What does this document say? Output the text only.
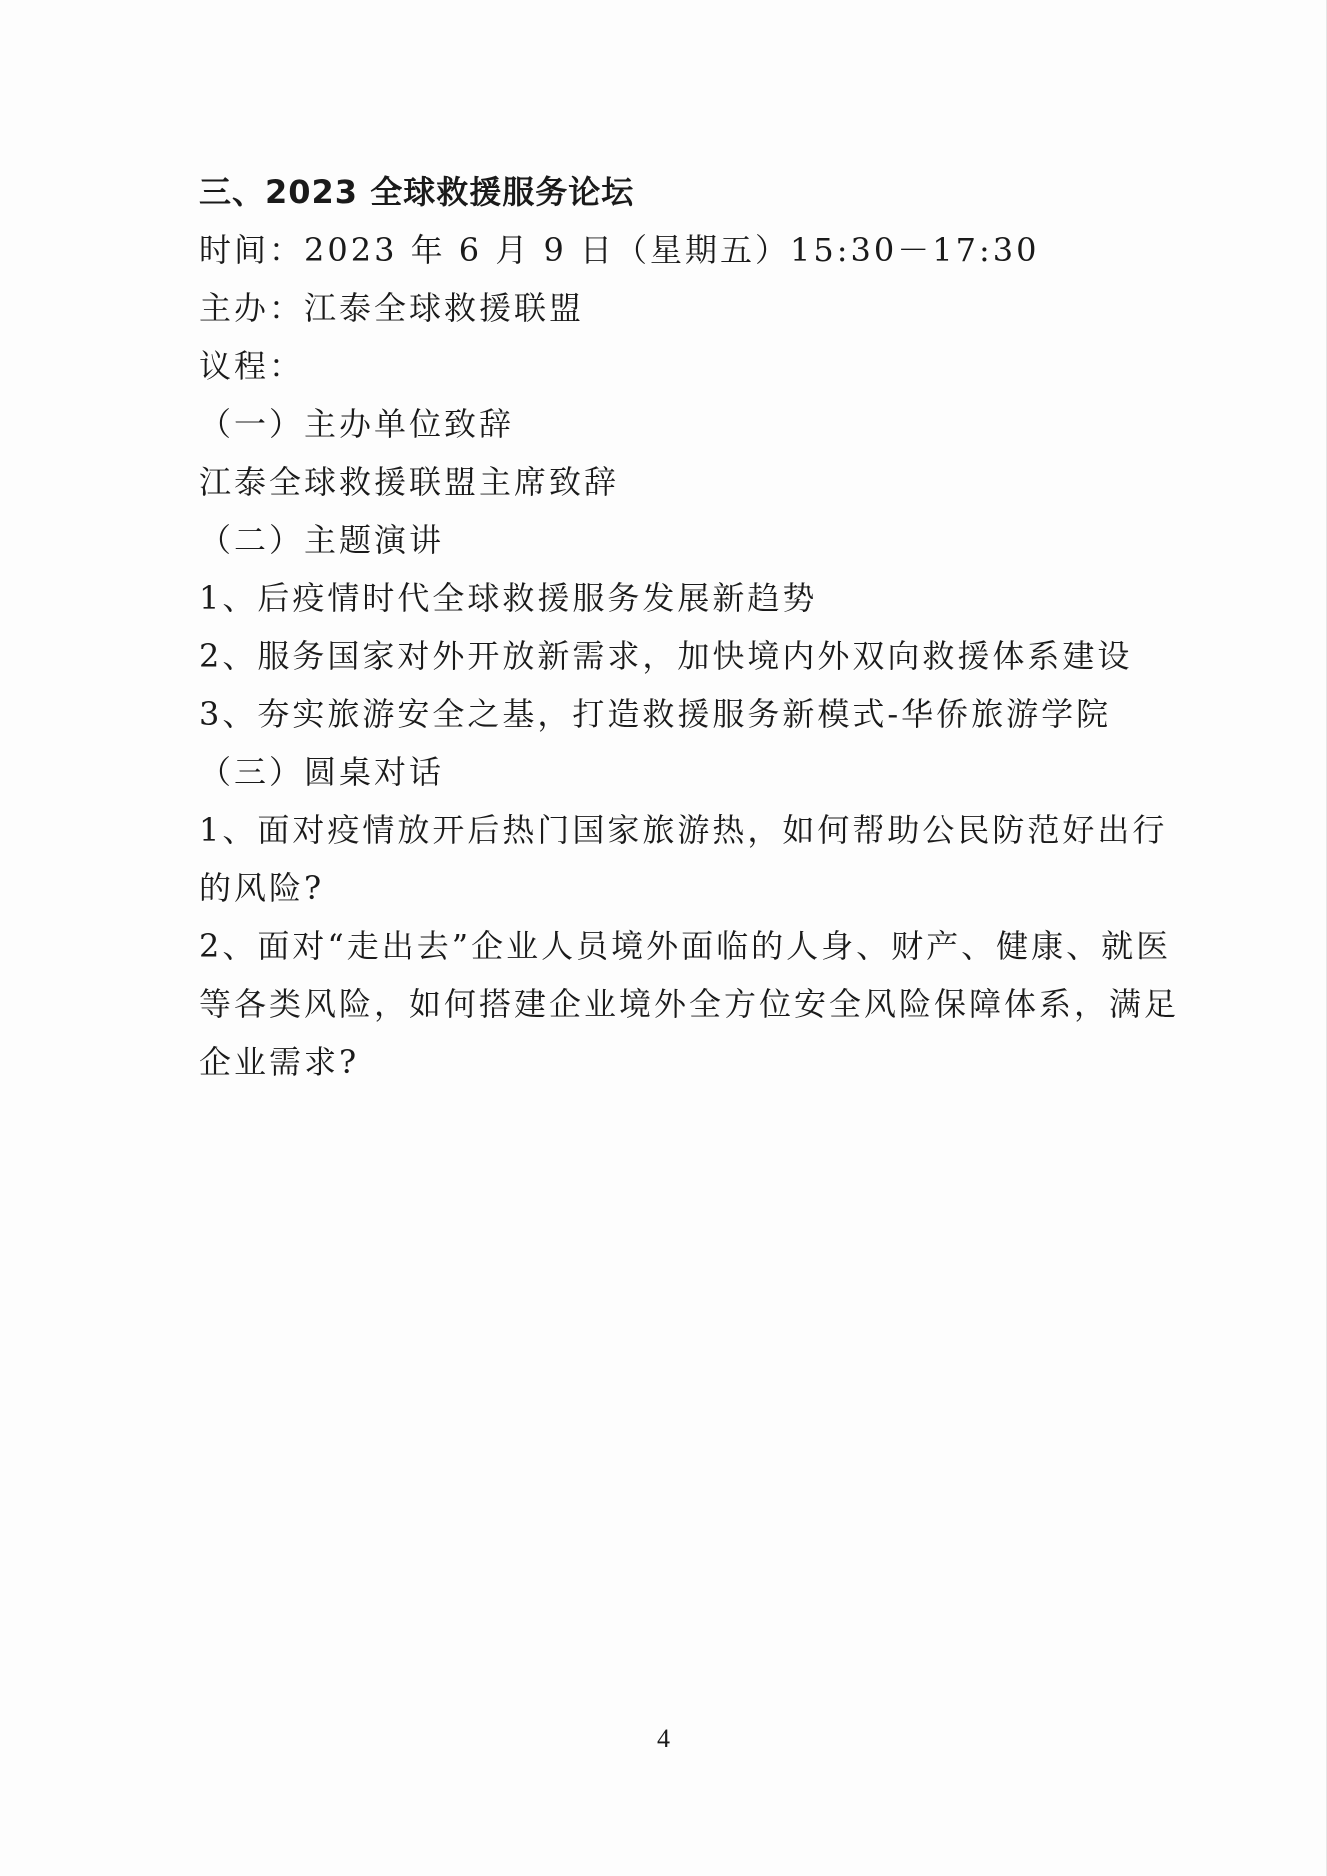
三、2023 全球救援服务论坛
时间：2023 年 6 月 9 日（星期五）15:30－17:30
主办：江泰全球救援联盟
议程：
（一）主办单位致辞
江泰全球救援联盟主席致辞
（二）主题演讲
1、后疫情时代全球救援服务发展新趋势
2、服务国家对外开放新需求，加快境内外双向救援体系建设
3、夯实旅游安全之基，打造救援服务新模式-华侨旅游学院
（三）圆桌对话
1、面对疫情放开后热门国家旅游热，如何帮助公民防范好出行
的风险?
2、面对“走出去”企业人员境外面临的人身、财产、健康、就医
等各类风险，如何搭建企业境外全方位安全风险保障体系，满足
企业需求?
4
